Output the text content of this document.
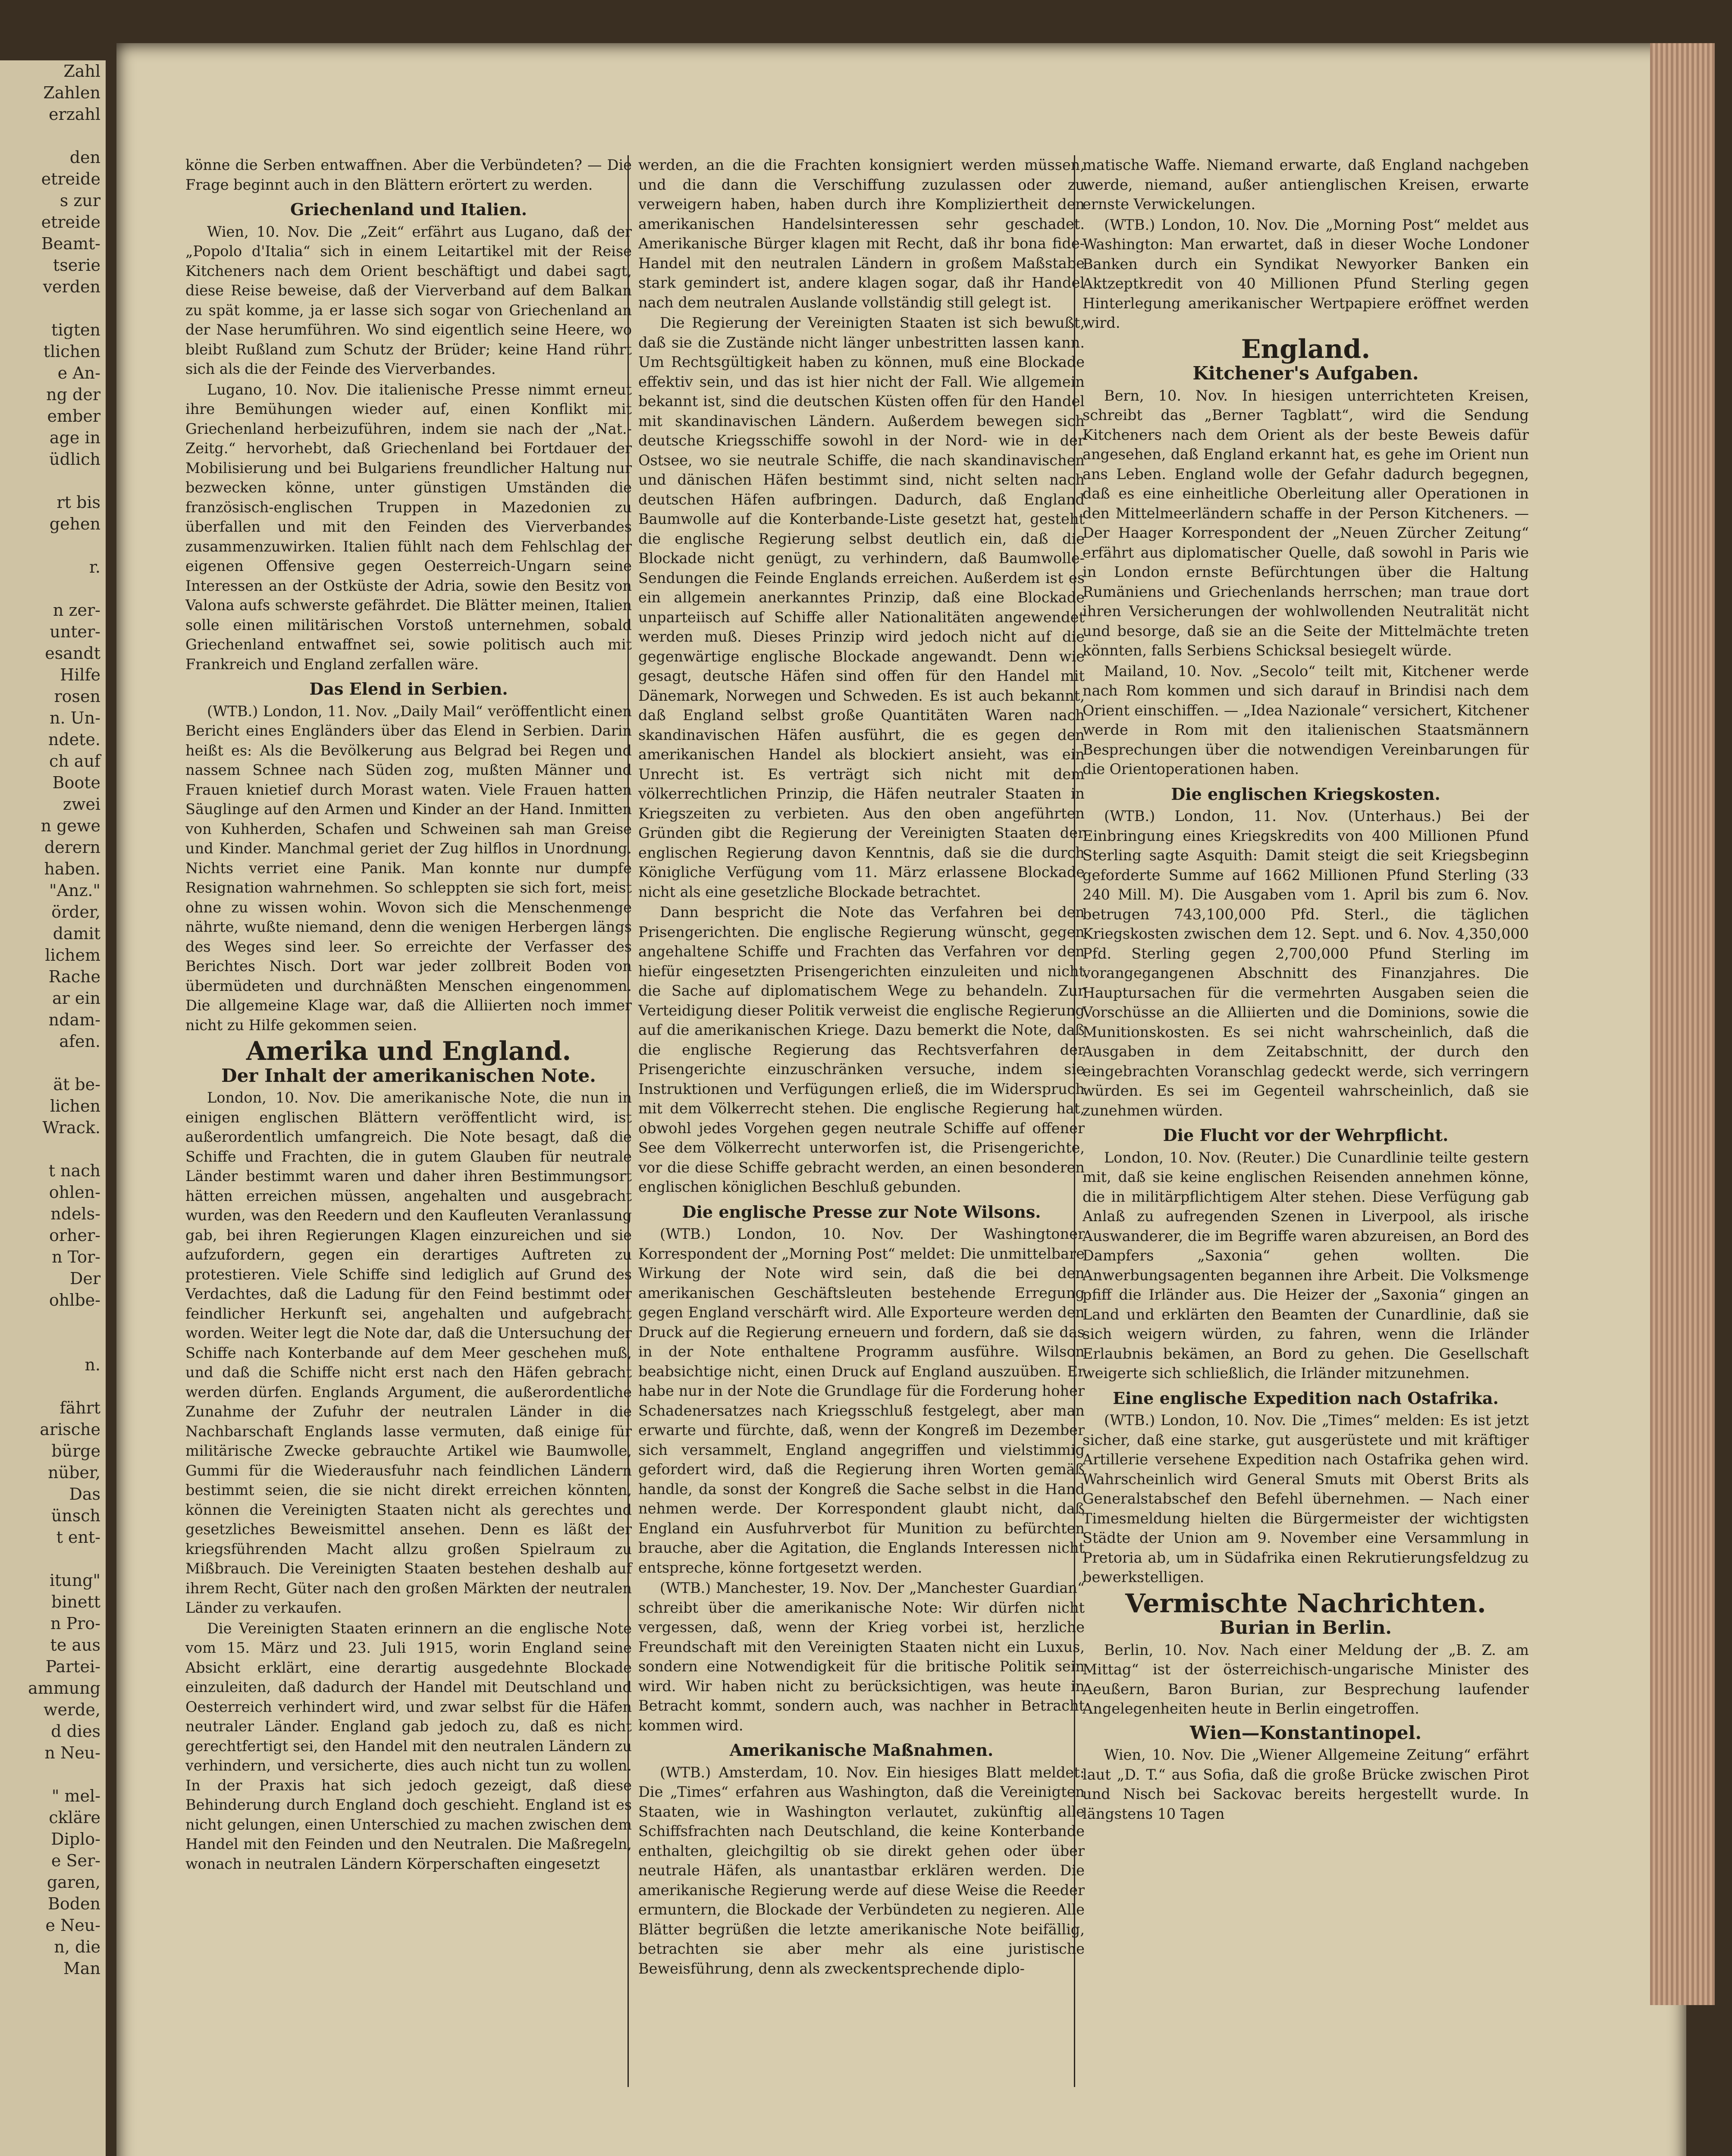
Zahl
Zahlen
erzahl

den
etreide
s zur
etreide
Beamt-
tserie
verden

tigten
tlichen
e An-
ng der
ember
age in
üdlich

rt bis
gehen

r.

n zer-
unter-
esandt
Hilfe
rosen
n. Un-
ndete.
ch auf
Boote
zwei
n gewe
derern
haben.
"Anz."
örder,
damit
lichem
Rache
ar ein
ndam-
afen.

ät be-
lichen
Wrack.

t nach
ohlen-
ndels-
orher-
n Tor-
Der
ohlbe-

n.

fährt
arische
bürge
nüber,
Das
ünsch
t ent-

itung"
binett
n Pro-
te aus
Partei-
ammung
werde,
d dies
n Neu-

" mel-
ckläre
Diplo-
e Ser-
garen,
Boden
e Neu-
n, die
Man

könne die Serben entwaffnen. Aber die Verbündeten? — Die Frage beginnt auch in den Blättern erörtert zu werden.

Griechenland und Italien.

Wien, 10. Nov. Die „Zeit“ erfährt aus Lugano, daß der „Popolo d'Italia“ sich in einem Leitartikel mit der Reise Kitcheners nach dem Orient beschäftigt und dabei sagt, diese Reise beweise, daß der Vierverband auf dem Balkan zu spät komme, ja er lasse sich sogar von Griechenland an der Nase herumführen. Wo sind eigentlich seine Heere, wo bleibt Rußland zum Schutz der Brüder; keine Hand rührt sich als die der Feinde des Vierverbandes.

Lugano, 10. Nov. Die italienische Presse nimmt erneut ihre Bemühungen wieder auf, einen Konflikt mit Griechenland herbeizuführen, indem sie nach der „Nat.-Zeitg.“ hervorhebt, daß Griechenland bei Fortdauer der Mobilisierung und bei Bulgariens freundlicher Haltung nur bezwecken könne, unter günstigen Umständen die französisch-englischen Truppen in Mazedonien zu überfallen und mit den Feinden des Vierverbandes zusammenzuwirken. Italien fühlt nach dem Fehlschlag der eigenen Offensive gegen Oesterreich-Ungarn seine Interessen an der Ostküste der Adria, sowie den Besitz von Valona aufs schwerste gefährdet. Die Blätter meinen, Italien solle einen militärischen Vorstoß unternehmen, sobald Griechenland entwaffnet sei, sowie politisch auch mit Frankreich und England zerfallen wäre.

Das Elend in Serbien.

(WTB.) London, 11. Nov. „Daily Mail“ veröffentlicht einen Bericht eines Engländers über das Elend in Serbien. Darin heißt es: Als die Bevölkerung aus Belgrad bei Regen und nassem Schnee nach Süden zog, mußten Männer und Frauen knietief durch Morast waten. Viele Frauen hatten Säuglinge auf den Armen und Kinder an der Hand. Inmitten von Kuhherden, Schafen und Schweinen sah man Greise und Kinder. Manchmal geriet der Zug hilflos in Unordnung. Nichts verriet eine Panik. Man konnte nur dumpfe Resignation wahrnehmen. So schleppten sie sich fort, meist ohne zu wissen wohin. Wovon sich die Menschenmenge nährte, wußte niemand, denn die wenigen Herbergen längs des Weges sind leer. So erreichte der Verfasser des Berichtes Nisch. Dort war jeder zollbreit Boden von übermüdeten und durchnäßten Menschen eingenommen. Die allgemeine Klage war, daß die Alliierten noch immer nicht zu Hilfe gekommen seien.

Amerika und England.
Der Inhalt der amerikanischen Note.

London, 10. Nov. Die amerikanische Note, die nun in einigen englischen Blättern veröffentlicht wird, ist außerordentlich umfangreich. Die Note besagt, daß die Schiffe und Frachten, die in gutem Glauben für neutrale Länder bestimmt waren und daher ihren Bestimmungsort hätten erreichen müssen, angehalten und ausgebracht wurden, was den Reedern und den Kaufleuten Veranlassung gab, bei ihren Regierungen Klagen einzureichen und sie aufzufordern, gegen ein derartiges Auftreten zu protestieren. Viele Schiffe sind lediglich auf Grund des Verdachtes, daß die Ladung für den Feind bestimmt oder feindlicher Herkunft sei, angehalten und aufgebracht worden. Weiter legt die Note dar, daß die Untersuchung der Schiffe nach Konterbande auf dem Meer geschehen muß, und daß die Schiffe nicht erst nach den Häfen gebracht werden dürfen. Englands Argument, die außerordentliche Zunahme der Zufuhr der neutralen Länder in die Nachbarschaft Englands lasse vermuten, daß einige für militärische Zwecke gebrauchte Artikel wie Baumwolle, Gummi für die Wiederausfuhr nach feindlichen Ländern bestimmt seien, die sie nicht direkt erreichen könnten, können die Vereinigten Staaten nicht als gerechtes und gesetzliches Beweismittel ansehen. Denn es läßt der kriegsführenden Macht allzu großen Spielraum zu Mißbrauch. Die Vereinigten Staaten bestehen deshalb auf ihrem Recht, Güter nach den großen Märkten der neutralen Länder zu verkaufen.

Die Vereinigten Staaten erinnern an die englische Note vom 15. März und 23. Juli 1915, worin England seine Absicht erklärt, eine derartig ausgedehnte Blockade einzuleiten, daß dadurch der Handel mit Deutschland und Oesterreich verhindert wird, und zwar selbst für die Häfen neutraler Länder. England gab jedoch zu, daß es nicht gerechtfertigt sei, den Handel mit den neutralen Ländern zu verhindern, und versicherte, dies auch nicht tun zu wollen. In der Praxis hat sich jedoch gezeigt, daß diese Behinderung durch England doch geschieht. England ist es nicht gelungen, einen Unterschied zu machen zwischen dem Handel mit den Feinden und den Neutralen. Die Maßregeln, wonach in neutralen Ländern Körperschaften eingesetzt

werden, an die die Frachten konsigniert werden müssen, und die dann die Verschiffung zuzulassen oder zu verweigern haben, haben durch ihre Kompliziertheit den amerikanischen Handelsinteressen sehr geschadet. Amerikanische Bürger klagen mit Recht, daß ihr bona fide-Handel mit den neutralen Ländern in großem Maßstabe stark gemindert ist, andere klagen sogar, daß ihr Handel nach dem neutralen Auslande vollständig still gelegt ist.

Die Regierung der Vereinigten Staaten ist sich bewußt, daß sie die Zustände nicht länger unbestritten lassen kann. Um Rechtsgültigkeit haben zu können, muß eine Blockade effektiv sein, und das ist hier nicht der Fall. Wie allgemein bekannt ist, sind die deutschen Küsten offen für den Handel mit skandinavischen Ländern. Außerdem bewegen sich deutsche Kriegsschiffe sowohl in der Nord- wie in der Ostsee, wo sie neutrale Schiffe, die nach skandinavischen und dänischen Häfen bestimmt sind, nicht selten nach deutschen Häfen aufbringen. Dadurch, daß England Baumwolle auf die Konterbande-Liste gesetzt hat, gesteht die englische Regierung selbst deutlich ein, daß die Blockade nicht genügt, zu verhindern, daß Baumwolle-Sendungen die Feinde Englands erreichen. Außerdem ist es ein allgemein anerkanntes Prinzip, daß eine Blockade unparteiisch auf Schiffe aller Nationalitäten angewendet werden muß. Dieses Prinzip wird jedoch nicht auf die gegenwärtige englische Blockade angewandt. Denn wie gesagt, deutsche Häfen sind offen für den Handel mit Dänemark, Norwegen und Schweden. Es ist auch bekannt, daß England selbst große Quantitäten Waren nach skandinavischen Häfen ausführt, die es gegen den amerikanischen Handel als blockiert ansieht, was ein Unrecht ist. Es verträgt sich nicht mit dem völkerrechtlichen Prinzip, die Häfen neutraler Staaten in Kriegszeiten zu verbieten. Aus den oben angeführten Gründen gibt die Regierung der Vereinigten Staaten der englischen Regierung davon Kenntnis, daß sie die durch Königliche Verfügung vom 11. März erlassene Blockade nicht als eine gesetzliche Blockade betrachtet.

Dann bespricht die Note das Verfahren bei den Prisengerichten. Die englische Regierung wünscht, gegen angehaltene Schiffe und Frachten das Verfahren vor den hiefür eingesetzten Prisengerichten einzuleiten und nicht die Sache auf diplomatischem Wege zu behandeln. Zur Verteidigung dieser Politik verweist die englische Regierung auf die amerikanischen Kriege. Dazu bemerkt die Note, daß die englische Regierung das Rechtsverfahren der Prisengerichte einzuschränken versuche, indem sie Instruktionen und Verfügungen erließ, die im Widerspruch mit dem Völkerrecht stehen. Die englische Regierung hat, obwohl jedes Vorgehen gegen neutrale Schiffe auf offener See dem Völkerrecht unterworfen ist, die Prisengerichte, vor die diese Schiffe gebracht werden, an einen besonderen englischen königlichen Beschluß gebunden.

Die englische Presse zur Note Wilsons.

(WTB.) London, 10. Nov. Der Washingtoner Korrespondent der „Morning Post“ meldet: Die unmittelbare Wirkung der Note wird sein, daß die bei den amerikanischen Geschäftsleuten bestehende Erregung gegen England verschärft wird. Alle Exporteure werden den Druck auf die Regierung erneuern und fordern, daß sie das in der Note enthaltene Programm ausführe. Wilson beabsichtige nicht, einen Druck auf England auszuüben. Er habe nur in der Note die Grundlage für die Forderung hoher Schadenersatzes nach Kriegsschluß festgelegt, aber man erwarte und fürchte, daß, wenn der Kongreß im Dezember sich versammelt, England angegriffen und vielstimmig gefordert wird, daß die Regierung ihren Worten gemäß handle, da sonst der Kongreß die Sache selbst in die Hand nehmen werde. Der Korrespondent glaubt nicht, daß England ein Ausfuhrverbot für Munition zu befürchten brauche, aber die Agitation, die Englands Interessen nicht entspreche, könne fortgesetzt werden.

(WTB.) Manchester, 19. Nov. Der „Manchester Guardian“ schreibt über die amerikanische Note: Wir dürfen nicht vergessen, daß, wenn der Krieg vorbei ist, herzliche Freundschaft mit den Vereinigten Staaten nicht ein Luxus, sondern eine Notwendigkeit für die britische Politik sein wird. Wir haben nicht zu berücksichtigen, was heute in Betracht kommt, sondern auch, was nachher in Betracht kommen wird.

Amerikanische Maßnahmen.

(WTB.) Amsterdam, 10. Nov. Ein hiesiges Blatt meldet: Die „Times“ erfahren aus Washington, daß die Vereinigten Staaten, wie in Washington verlautet, zukünftig alle Schiffsfrachten nach Deutschland, die keine Konterbande enthalten, gleichgiltig ob sie direkt gehen oder über neutrale Häfen, als unantastbar erklären werden. Die amerikanische Regierung werde auf diese Weise die Reeder ermuntern, die Blockade der Verbündeten zu negieren. Alle Blätter begrüßen die letzte amerikanische Note beifällig, betrachten sie aber mehr als eine juristische Beweisführung, denn als zweckentsprechende diplo-

matische Waffe. Niemand erwarte, daß England nachgeben werde, niemand, außer antienglischen Kreisen, erwarte ernste Verwickelungen.

(WTB.) London, 10. Nov. Die „Morning Post“ meldet aus Washington: Man erwartet, daß in dieser Woche Londoner Banken durch ein Syndikat Newyorker Banken ein Aktzeptkredit von 40 Millionen Pfund Sterling gegen Hinterlegung amerikanischer Wertpapiere eröffnet werden wird.

England.
Kitchener's Aufgaben.

Bern, 10. Nov. In hiesigen unterrichteten Kreisen, schreibt das „Berner Tagblatt“, wird die Sendung Kitcheners nach dem Orient als der beste Beweis dafür angesehen, daß England erkannt hat, es gehe im Orient nun ans Leben. England wolle der Gefahr dadurch begegnen, daß es eine einheitliche Oberleitung aller Operationen in den Mittelmeerländern schaffe in der Person Kitcheners. — Der Haager Korrespondent der „Neuen Zürcher Zeitung“ erfährt aus diplomatischer Quelle, daß sowohl in Paris wie in London ernste Befürchtungen über die Haltung Rumäniens und Griechenlands herrschen; man traue dort ihren Versicherungen der wohlwollenden Neutralität nicht und besorge, daß sie an die Seite der Mittelmächte treten könnten, falls Serbiens Schicksal besiegelt würde.

Mailand, 10. Nov. „Secolo“ teilt mit, Kitchener werde nach Rom kommen und sich darauf in Brindisi nach dem Orient einschiffen. — „Idea Nazionale“ versichert, Kitchener werde in Rom mit den italienischen Staatsmännern Besprechungen über die notwendigen Vereinbarungen für die Orientoperationen haben.

Die englischen Kriegskosten.

(WTB.) London, 11. Nov. (Unterhaus.) Bei der Einbringung eines Kriegskredits von 400 Millionen Pfund Sterling sagte Asquith: Damit steigt die seit Kriegsbeginn geforderte Summe auf 1662 Millionen Pfund Sterling (33 240 Mill. M). Die Ausgaben vom 1. April bis zum 6. Nov. betrugen 743,100,000 Pfd. Sterl., die täglichen Kriegskosten zwischen dem 12. Sept. und 6. Nov. 4,350,000 Pfd. Sterling gegen 2,700,000 Pfund Sterling im vorangegangenen Abschnitt des Finanzjahres. Die Hauptursachen für die vermehrten Ausgaben seien die Vorschüsse an die Alliierten und die Dominions, sowie die Munitionskosten. Es sei nicht wahrscheinlich, daß die Ausgaben in dem Zeitabschnitt, der durch den eingebrachten Voranschlag gedeckt werde, sich verringern würden. Es sei im Gegenteil wahrscheinlich, daß sie zunehmen würden.

Die Flucht vor der Wehrpflicht.

London, 10. Nov. (Reuter.) Die Cunardlinie teilte gestern mit, daß sie keine englischen Reisenden annehmen könne, die in militärpflichtigem Alter stehen. Diese Verfügung gab Anlaß zu aufregenden Szenen in Liverpool, als irische Auswanderer, die im Begriffe waren abzureisen, an Bord des Dampfers „Saxonia“ gehen wollten. Die Anwerbungsagenten begannen ihre Arbeit. Die Volksmenge pfiff die Irländer aus. Die Heizer der „Saxonia“ gingen an Land und erklärten den Beamten der Cunardlinie, daß sie sich weigern würden, zu fahren, wenn die Irländer Erlaubnis bekämen, an Bord zu gehen. Die Gesellschaft weigerte sich schließlich, die Irländer mitzunehmen.

Eine englische Expedition nach Ostafrika.

(WTB.) London, 10. Nov. Die „Times“ melden: Es ist jetzt sicher, daß eine starke, gut ausgerüstete und mit kräftiger Artillerie versehene Expedition nach Ostafrika gehen wird. Wahrscheinlich wird General Smuts mit Oberst Brits als Generalstabschef den Befehl übernehmen. — Nach einer Timesmeldung hielten die Bürgermeister der wichtigsten Städte der Union am 9. November eine Versammlung in Pretoria ab, um in Südafrika einen Rekrutierungsfeldzug zu bewerkstelligen.

Vermischte Nachrichten.
Burian in Berlin.

Berlin, 10. Nov. Nach einer Meldung der „B. Z. am Mittag“ ist der österreichisch-ungarische Minister des Aeußern, Baron Burian, zur Besprechung laufender Angelegenheiten heute in Berlin eingetroffen.

Wien—Konstantinopel.

Wien, 10. Nov. Die „Wiener Allgemeine Zeitung“ erfährt laut „D. T.“ aus Sofia, daß die große Brücke zwischen Pirot und Nisch bei Sackovac bereits hergestellt wurde. In längstens 10 Tagen
